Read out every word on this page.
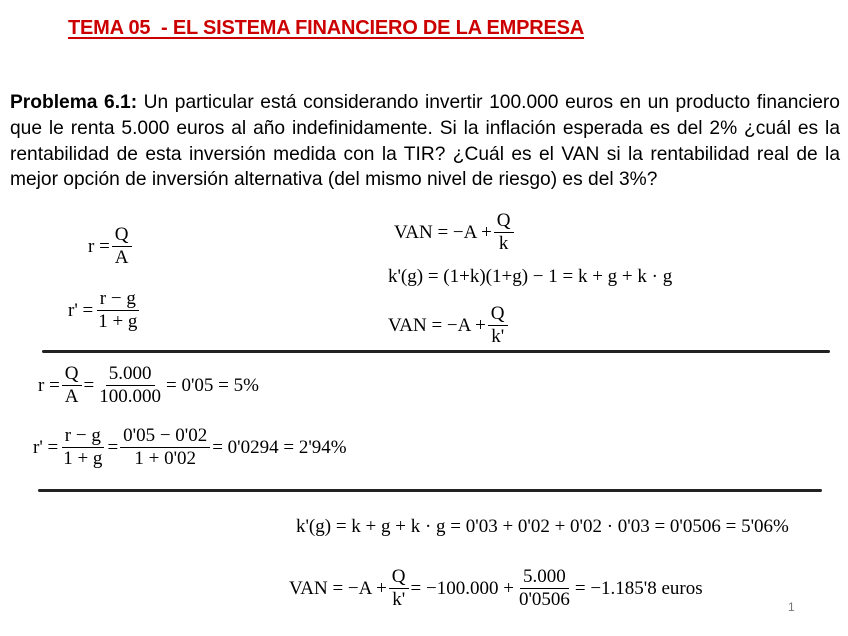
TEMA 05  - EL SISTEMA FINANCIERO DE LA EMPRESA
Problema 6.1: Un particular está considerando invertir 100.000 euros en un producto financiero que le renta 5.000 euros al año indefinidamente. Si la inflación esperada es del 2% ¿cuál es la rentabilidad de esta inversión medida con la TIR? ¿Cuál es el VAN si la rentabilidad real de la mejor opción de inversión alternativa (del mismo nivel de riesgo) es del 3%?
$r = \frac{Q}{A}$
$r' = \frac{r - g}{1 + g}$
VAN = $-A + \frac{Q}{k}$
k'(g) = (1+k)(1+g) − 1 = k + g + k · g
VAN = $-A + \frac{Q}{k'}$
$r = \frac{Q}{A} = \frac{5.000}{100.000} = 0'05 = 5\%$
$r' = \frac{r - g}{1 + g} = \frac{0'05 - 0'02}{1 + 0'02} = 0'0294 = 2'94\%$
k'(g) = k + g + k · g = 0'03 + 0'02 + 0'02 · 0'03 = 0'0506 = 5'06%
VAN = $-A + \frac{Q}{k'} = -100.000 + \frac{5.000}{0'0506} = -1.185'8$ euros
1
